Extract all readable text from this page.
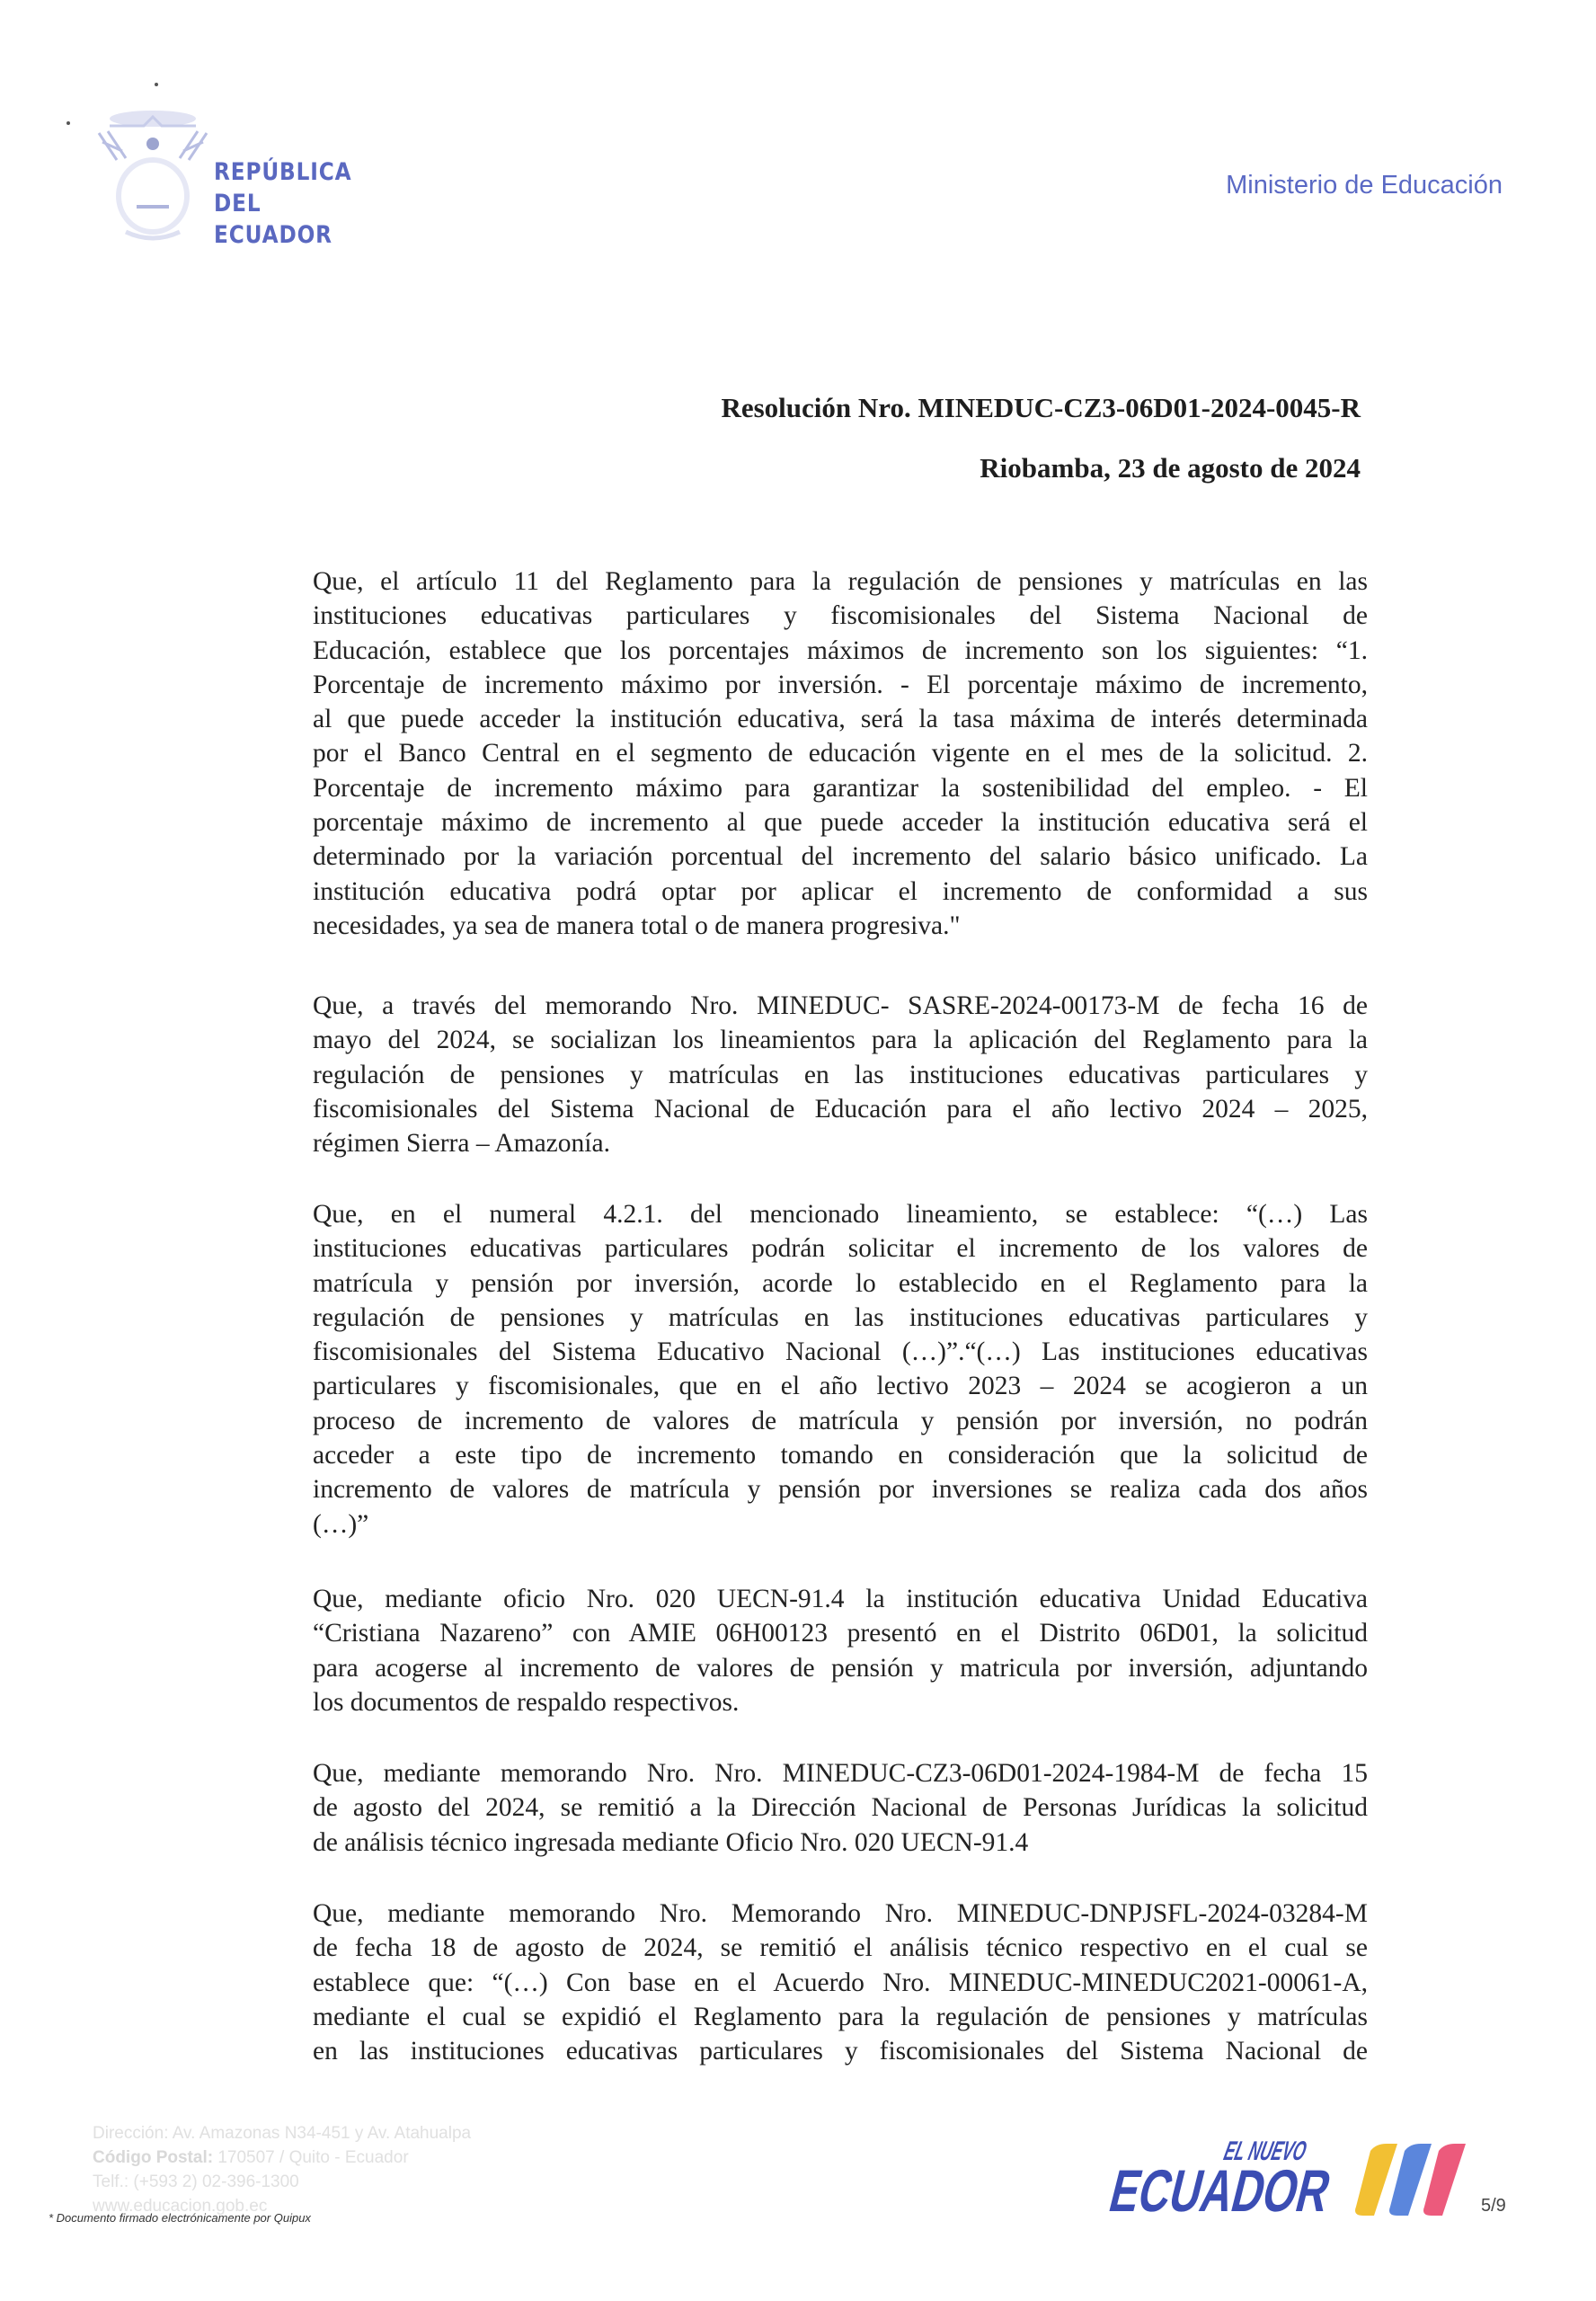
REPÚBLICA
DEL ECUADOR
Ministerio de Educación
Resolución Nro. MINEDUC-CZ3-06D01-2024-0045-R
Riobamba, 23 de agosto de 2024
Que, el artículo 11 del Reglamento para la regulación de pensiones y matrículas en las
instituciones educativas particulares y fiscomisionales del Sistema Nacional de
Educación, establece que los porcentajes máximos de incremento son los siguientes: “1.
Porcentaje de incremento máximo por inversión. - El porcentaje máximo de incremento,
al que puede acceder la institución educativa, será la tasa máxima de interés determinada
por el Banco Central en el segmento de educación vigente en el mes de la solicitud. 2.
Porcentaje de incremento máximo para garantizar la sostenibilidad del empleo. - El
porcentaje máximo de incremento al que puede acceder la institución educativa será el
determinado por la variación porcentual del incremento del salario básico unificado. La
institución educativa podrá optar por aplicar el incremento de conformidad a sus
necesidades, ya sea de manera total o de manera progresiva."
Que, a través del memorando Nro. MINEDUC- SASRE-2024-00173-M de fecha 16 de
mayo del 2024, se socializan los lineamientos para la aplicación del Reglamento para la
regulación de pensiones y matrículas en las instituciones educativas particulares y
fiscomisionales del Sistema Nacional de Educación para el año lectivo 2024 – 2025,
régimen Sierra – Amazonía.
Que, en el numeral 4.2.1. del mencionado lineamiento, se establece: “(…) Las
instituciones educativas particulares podrán solicitar el incremento de los valores de
matrícula y pensión por inversión, acorde lo establecido en el Reglamento para la
regulación de pensiones y matrículas en las instituciones educativas particulares y
fiscomisionales del Sistema Educativo Nacional (…)”.“(…) Las instituciones educativas
particulares y fiscomisionales, que en el año lectivo 2023 – 2024 se acogieron a un
proceso de incremento de valores de matrícula y pensión por inversión, no podrán
acceder a este tipo de incremento tomando en consideración que la solicitud de
incremento de valores de matrícula y pensión por inversiones se realiza cada dos años
(…)”
Que, mediante oficio Nro. 020 UECN-91.4 la institución educativa Unidad Educativa
“Cristiana Nazareno” con AMIE 06H00123 presentó en el Distrito 06D01, la solicitud
para acogerse al incremento de valores de pensión y matricula por inversión, adjuntando
los documentos de respaldo respectivos.
Que, mediante memorando Nro. Nro. MINEDUC-CZ3-06D01-2024-1984-M de fecha 15
de agosto del 2024, se remitió a la Dirección Nacional de Personas Jurídicas la solicitud
de análisis técnico ingresada mediante Oficio Nro. 020 UECN-91.4
Que, mediante memorando Nro. Memorando Nro. MINEDUC-DNPJSFL-2024-03284-M
de fecha 18 de agosto de 2024, se remitió el análisis técnico respectivo en el cual se
establece que: “(…) Con base en el Acuerdo Nro. MINEDUC-MINEDUC2021-00061-A,
mediante el cual se expidió el Reglamento para la regulación de pensiones y matrículas
en las instituciones educativas particulares y fiscomisionales del Sistema Nacional de
Dirección: Av. Amazonas N34-451 y Av. Atahualpa
Código Postal: 170507 / Quito - Ecuador
Telf.: (+593 2) 02-396-1300
www.educacion.gob.ec
* Documento firmado electrónicamente por Quipux
EL NUEVO
ECUADOR	5/9
